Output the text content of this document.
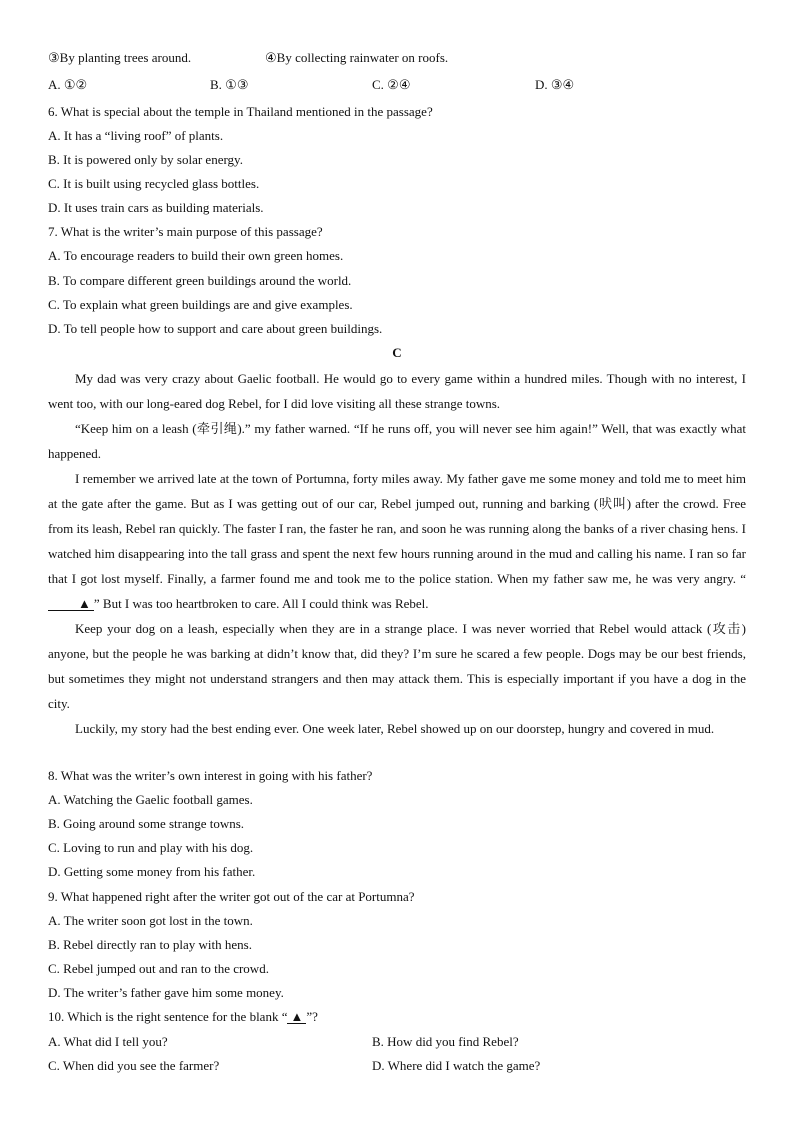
③By planting trees around.	④By collecting rainwater on roofs.
A. ①②	B. ①③	C. ②④	D. ③④
6. What is special about the temple in Thailand mentioned in the passage?
A. It has a “living roof” of plants.
B. It is powered only by solar energy.
C. It is built using recycled glass bottles.
D. It uses train cars as building materials.
7. What is the writer’s main purpose of this passage?
A. To encourage readers to build their own green homes.
B. To compare different green buildings around the world.
C. To explain what green buildings are and give examples.
D. To tell people how to support and care about green buildings.
C

My dad was very crazy about Gaelic football. He would go to every game within a hundred miles. Though with no interest, I went too, with our long-eared dog Rebel, for I did love visiting all these strange towns.

“Keep him on a leash (牵引绳).” my father warned. “If he runs off, you will never see him again!” Well, that was exactly what happened.

I remember we arrived late at the town of Portumna, forty miles away. My father gave me some money and told me to meet him at the gate after the game. But as I was getting out of our car, Rebel jumped out, running and barking (吠叫) after the crowd. Free from its leash, Rebel ran quickly. The faster I ran, the faster he ran, and soon he was running along the banks of a river chasing hens. I watched him disappearing into the tall grass and spent the next few hours running around in the mud and calling his name. I ran so far that I got lost myself. Finally, a farmer found me and took me to the police station. When my father saw me, he was very angry. “▲ ” But I was too heartbroken to care. All I could think was Rebel.

Keep your dog on a leash, especially when they are in a strange place. I was never worried that Rebel would attack (攻击) anyone, but the people he was barking at didn’t know that, did they? I’m sure he scared a few people. Dogs may be our best friends, but sometimes they might not understand strangers and then may attack them. This is especially important if you have a dog in the city.

Luckily, my story had the best ending ever. One week later, Rebel showed up on our doorstep, hungry and covered in mud.

8. What was the writer’s own interest in going with his father?
A. Watching the Gaelic football games.
B. Going around some strange towns.
C. Loving to run and play with his dog.
D. Getting some money from his father.
9. What happened right after the writer got out of the car at Portumna?
A. The writer soon got lost in the town.
B. Rebel directly ran to play with hens.
C. Rebel jumped out and ran to the crowd.
D. The writer’s father gave him some money.
10. Which is the right sentence for the blank “ ▲ ”?
A. What did I tell you?	B. How did you find Rebel?
C. When did you see the farmer?	D. Where did I watch the game?
